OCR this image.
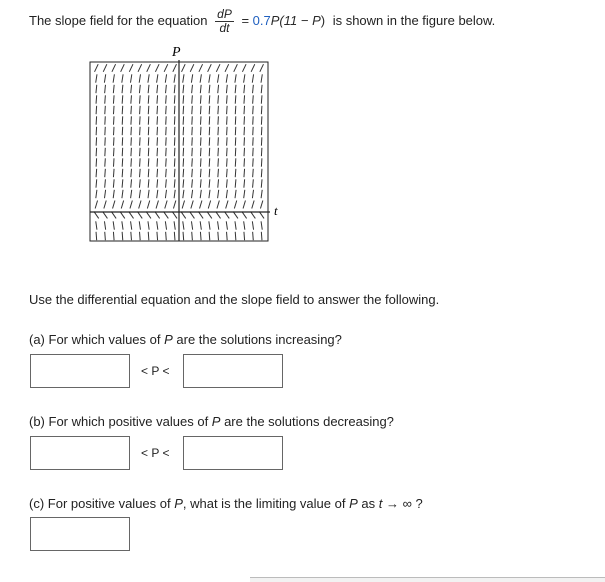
The slope field for the equation $\frac{dP}{dt} = 0.7P(11 - P)$ is shown in the figure below.
P
t
Use the differential equation and the slope field to answer the following.
(a) For which values of P are the solutions increasing?
< P <
(b) For which positive values of P are the solutions decreasing?
< P <
(c) For positive values of P, what is the limiting value of P as t → ∞ ?
